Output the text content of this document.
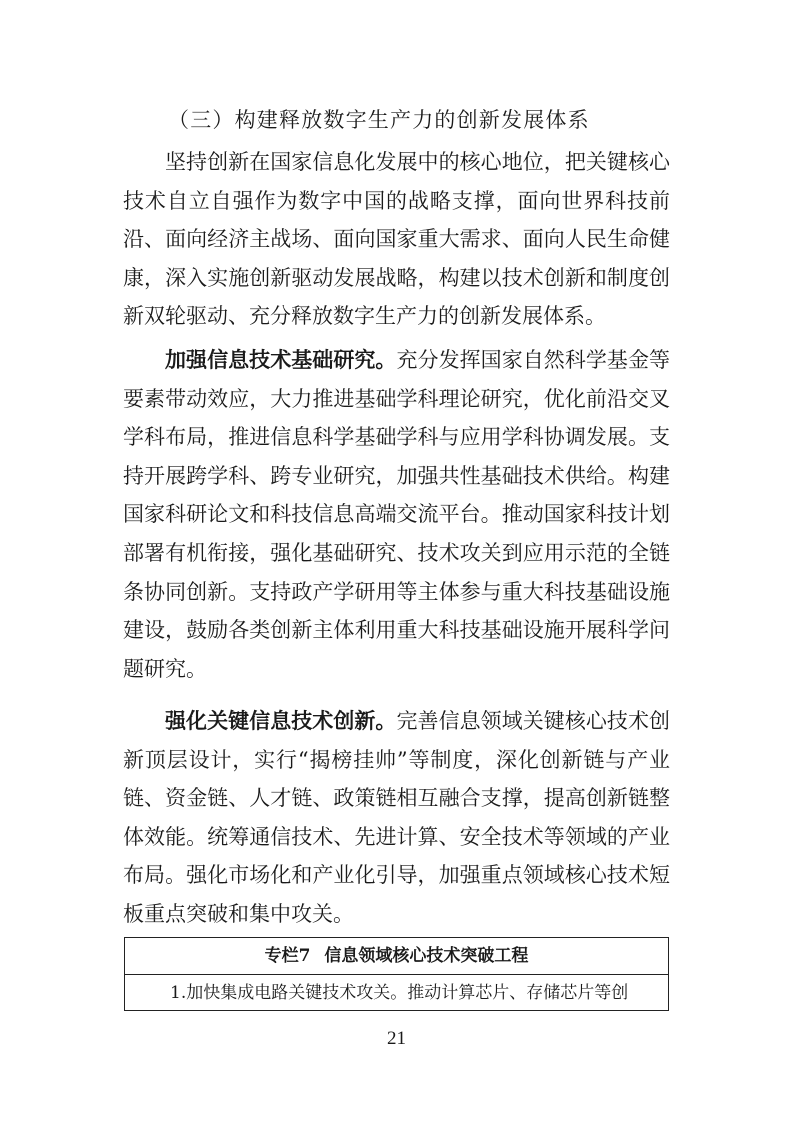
（三）构建释放数字生产力的创新发展体系

坚持创新在国家信息化发展中的核心地位，把关键核心技术自立自强作为数字中国的战略支撑，面向世界科技前沿、面向经济主战场、面向国家重大需求、面向人民生命健康，深入实施创新驱动发展战略，构建以技术创新和制度创新双轮驱动、充分释放数字生产力的创新发展体系。

加强信息技术基础研究。充分发挥国家自然科学基金等要素带动效应，大力推进基础学科理论研究，优化前沿交叉学科布局，推进信息科学基础学科与应用学科协调发展。支持开展跨学科、跨专业研究，加强共性基础技术供给。构建国家科研论文和科技信息高端交流平台。推动国家科技计划部署有机衔接，强化基础研究、技术攻关到应用示范的全链条协同创新。支持政产学研用等主体参与重大科技基础设施建设，鼓励各类创新主体利用重大科技基础设施开展科学问题研究。

强化关键信息技术创新。完善信息领域关键核心技术创新顶层设计，实行“揭榜挂帅”等制度，深化创新链与产业链、资金链、人才链、政策链相互融合支撑，提高创新链整体效能。统筹通信技术、先进计算、安全技术等领域的产业布局。强化市场化和产业化引导，加强重点领域核心技术短板重点突破和集中攻关。

专栏7 信息领域核心技术突破工程
1.加快集成电路关键技术攻关。推动计算芯片、存储芯片等创
21
